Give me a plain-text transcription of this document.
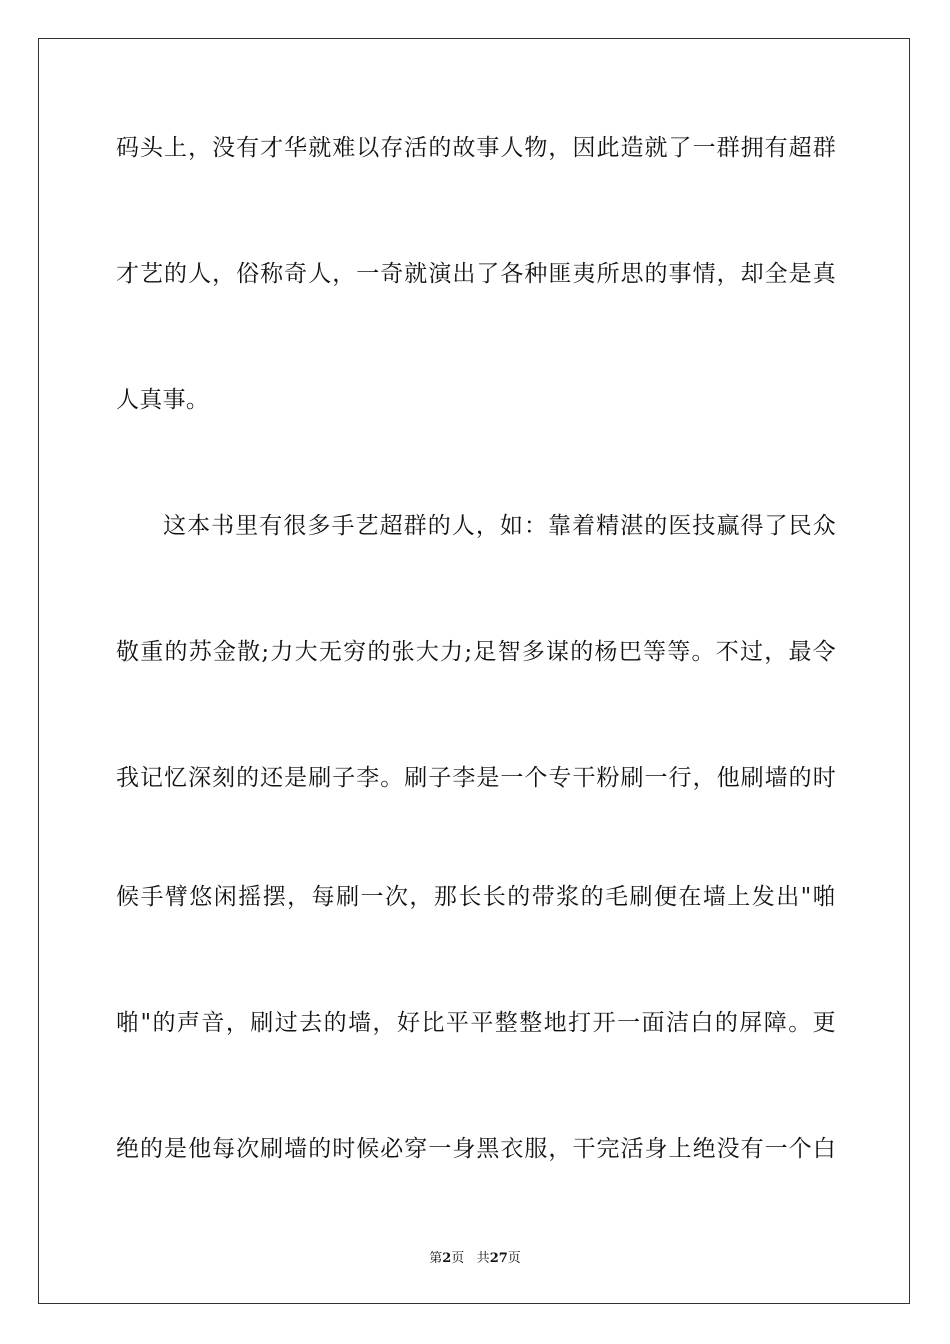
码头上，没有才华就难以存活的故事人物，因此造就了一群拥有超群
才艺的人，俗称奇人，一奇就演出了各种匪夷所思的事情，却全是真
人真事。
这本书里有很多手艺超群的人，如：靠着精湛的医技赢得了民众
敬重的苏金散;力大无穷的张大力;足智多谋的杨巴等等。不过，最令
我记忆深刻的还是刷子李。刷子李是一个专干粉刷一行，他刷墙的时
候手臂悠闲摇摆，每刷一次，那长长的带浆的毛刷便在墙上发出"啪
啪"的声音，刷过去的墙，好比平平整整地打开一面洁白的屏障。更
绝的是他每次刷墙的时候必穿一身黑衣服，干完活身上绝没有一个白
第2页 共27页
